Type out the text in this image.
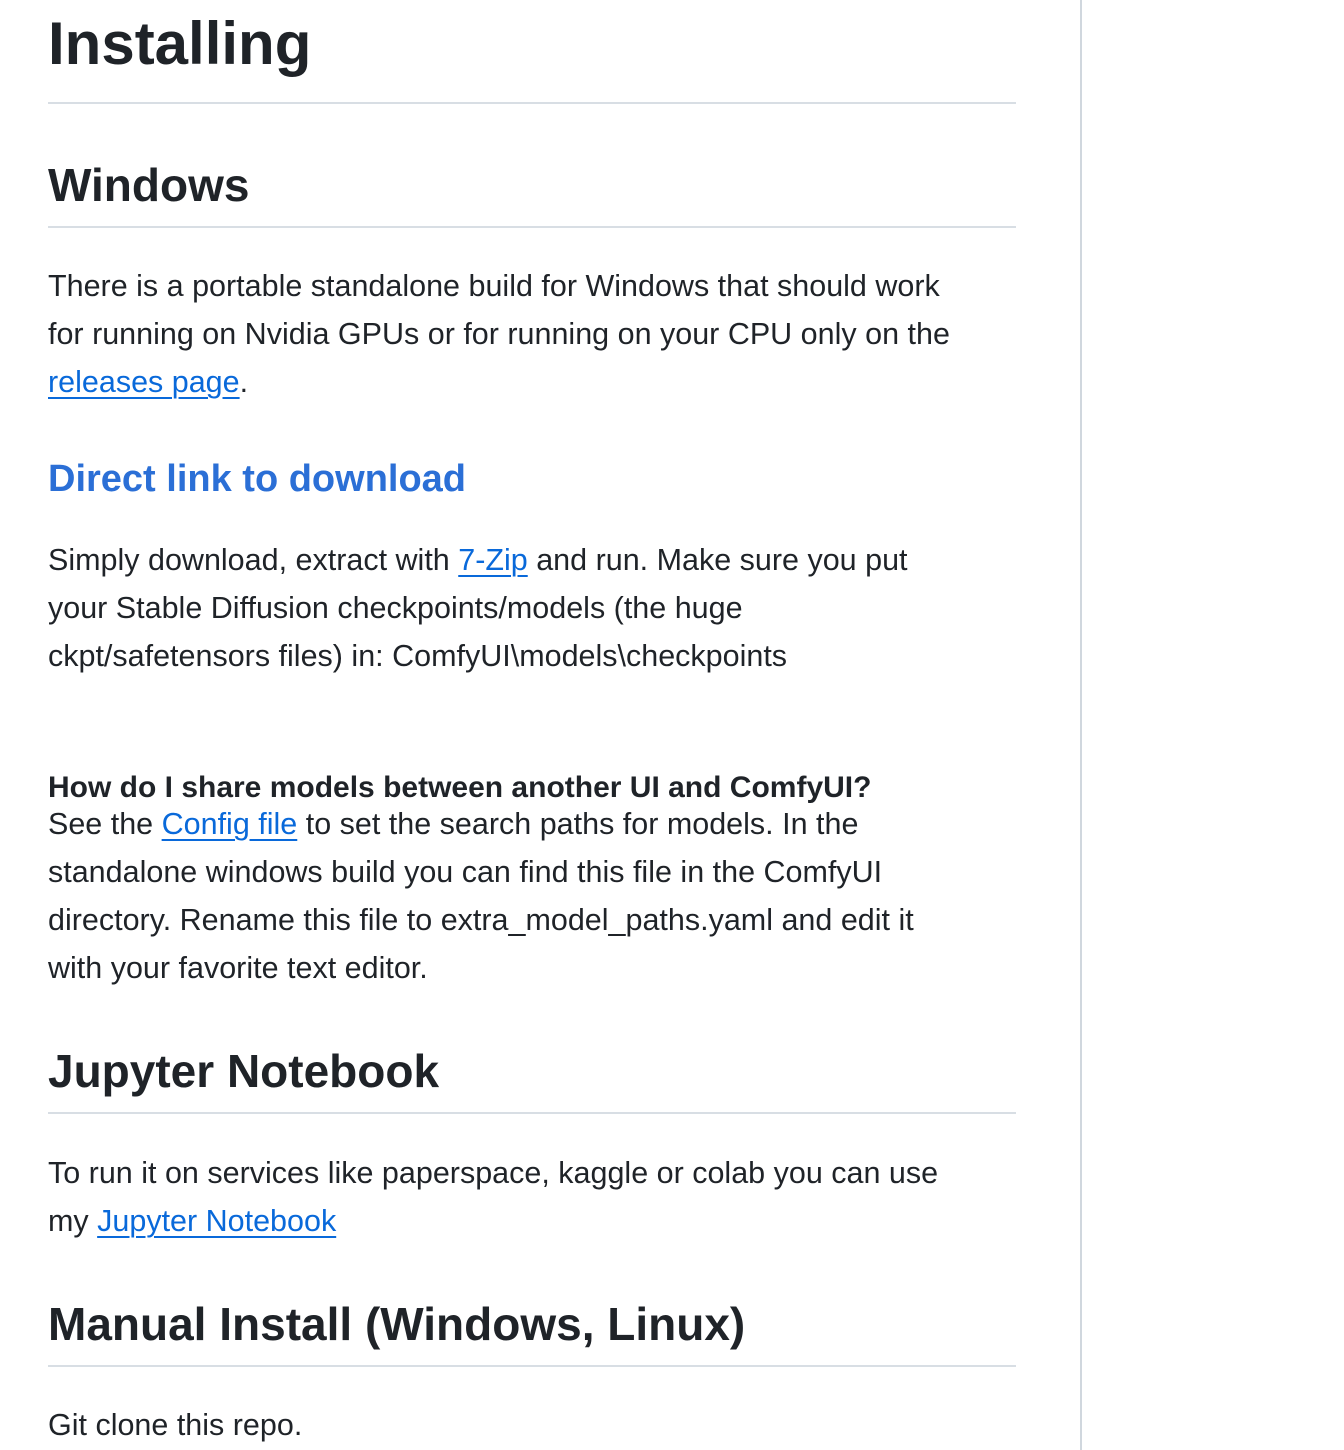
Installing
Windows

There is a portable standalone build for Windows that should work
for running on Nvidia GPUs or for running on your CPU only on the
releases page.

Direct link to download

Simply download, extract with 7-Zip and run. Make sure you put
your Stable Diffusion checkpoints/models (the huge
ckpt/safetensors files) in: ComfyUI\models\checkpoints

How do I share models between another UI and ComfyUI?

See the Config file to set the search paths for models. In the
standalone windows build you can find this file in the ComfyUI
directory. Rename this file to extra_model_paths.yaml and edit it
with your favorite text editor.

Jupyter Notebook

To run it on services like paperspace, kaggle or colab you can use
my Jupyter Notebook

Manual Install (Windows, Linux)

Git clone this repo.
